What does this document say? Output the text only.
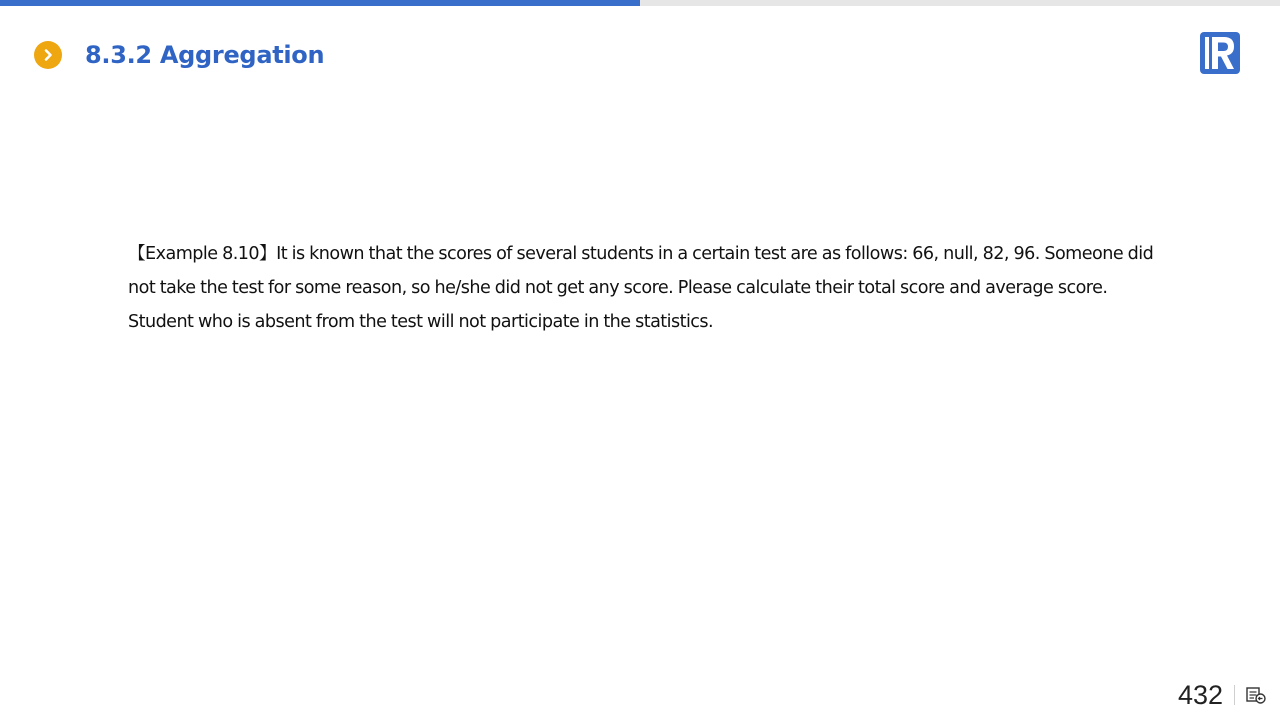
8.3.2 Aggregation
【Example 8.10】It is known that the scores of several students in a certain test are as follows: 66, null, 82, 96. Someone did not take the test for some reason, so he/she did not get any score. Please calculate their total score and average score. Student who is absent from the test will not participate in the statistics.
432
